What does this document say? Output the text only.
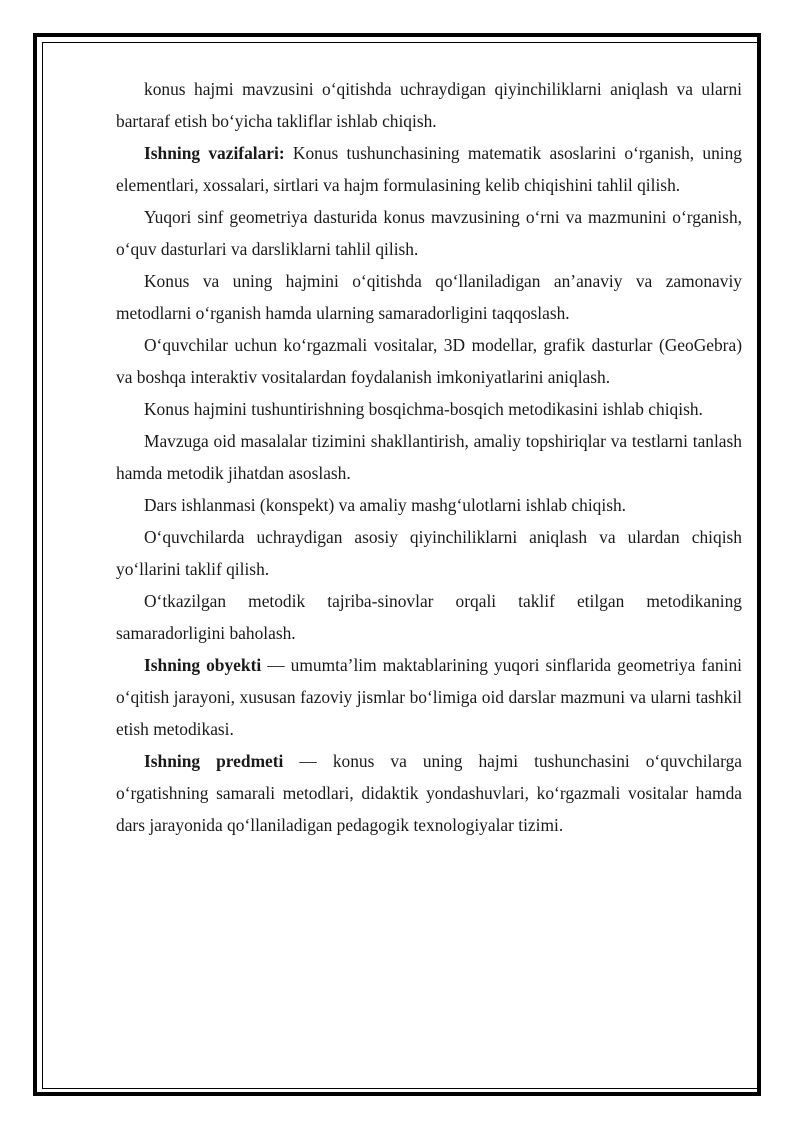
konus hajmi mavzusini o‘qitishda uchraydigan qiyinchiliklarni aniqlash va ularni bartaraf etish bo‘yicha takliflar ishlab chiqish.

Ishning vazifalari: Konus tushunchasining matematik asoslarini o‘rganish, uning elementlari, xossalari, sirtlari va hajm formulasining kelib chiqishini tahlil qilish.

Yuqori sinf geometriya dasturida konus mavzusining o‘rni va mazmunini o‘rganish, o‘quv dasturlari va darsliklarni tahlil qilish.

Konus va uning hajmini o‘qitishda qo‘llaniladigan an’anaviy va zamonaviy metodlarni o‘rganish hamda ularning samaradorligini taqqoslash.

O‘quvchilar uchun ko‘rgazmali vositalar, 3D modellar, grafik dasturlar (GeoGebra) va boshqa interaktiv vositalardan foydalanish imkoniyatlarini aniqlash.

Konus hajmini tushuntirishning bosqichma-bosqich metodikasini ishlab chiqish.

Mavzuga oid masalalar tizimini shakllantirish, amaliy topshiriqlar va testlarni tanlash hamda metodik jihatdan asoslash.

Dars ishlanmasi (konspekt) va amaliy mashg‘ulotlarni ishlab chiqish.

O‘quvchilarda uchraydigan asosiy qiyinchiliklarni aniqlash va ulardan chiqish yo‘llarini taklif qilish.

O‘tkazilgan metodik tajriba-sinovlar orqali taklif etilgan metodikaning samaradorligini baholash.

Ishning obyekti — umumta’lim maktablarining yuqori sinflarida geometriya fanini o‘qitish jarayoni, xususan fazoviy jismlar bo‘limiga oid darslar mazmuni va ularni tashkil etish metodikasi.

Ishning predmeti — konus va uning hajmi tushunchasini o‘quvchilarga o‘rgatishning samarali metodlari, didaktik yondashuvlari, ko‘rgazmali vositalar hamda dars jarayonida qo‘llaniladigan pedagogik texnologiyalar tizimi.
